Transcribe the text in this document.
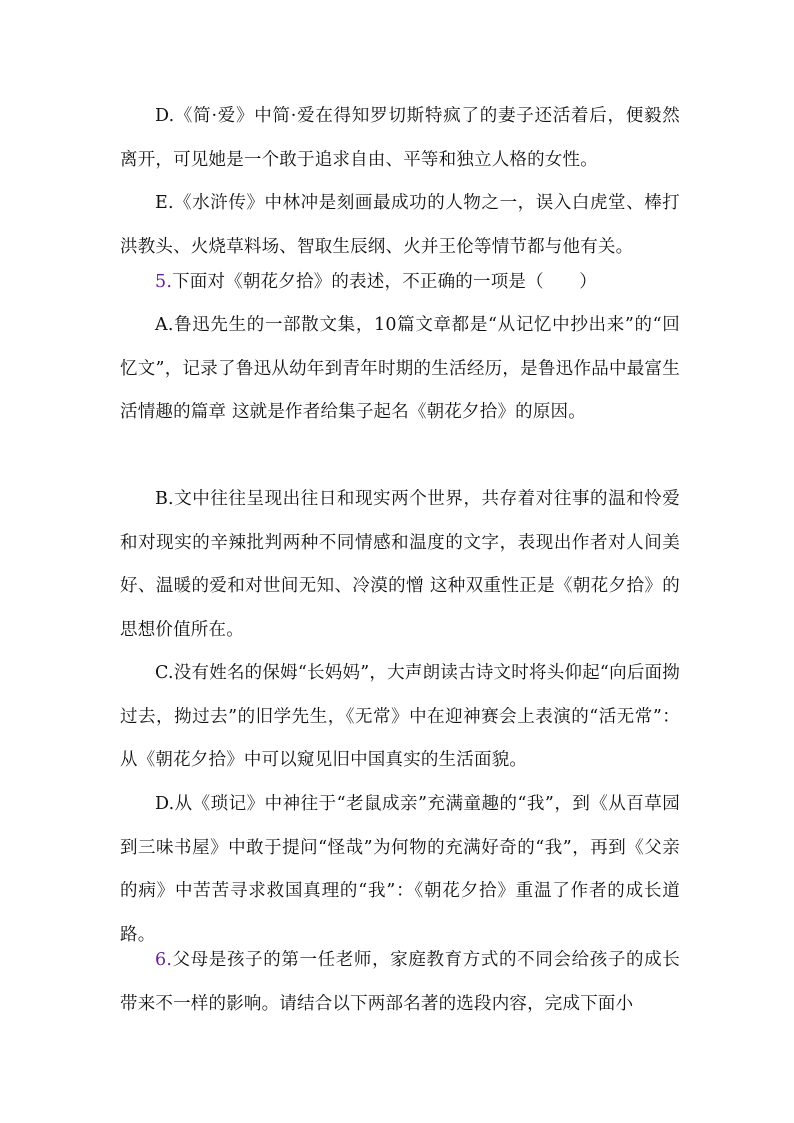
D.《简·爱》中简·爱在得知罗切斯特疯了的妻子还活着后，便毅然离开，可见她是一个敢于追求自由、平等和独立人格的女性。
E.《水浒传》中林冲是刻画最成功的人物之一，误入白虎堂、棒打洪教头、火烧草料场、智取生辰纲、火并王伦等情节都与他有关。
5.下面对《朝花夕拾》的表述，不正确的一项是（　　）
A.鲁迅先生的一部散文集，10篇文章都是“从记忆中抄出来”的“回忆文”，记录了鲁迅从幼年到青年时期的生活经历，是鲁迅作品中最富生活情趣的篇章 这就是作者给集子起名《朝花夕拾》的原因。
B.文中往往呈现出往日和现实两个世界，共存着对往事的温和怜爱和对现实的辛辣批判两种不同情感和温度的文字，表现出作者对人间美好、温暖的爱和对世间无知、冷漠的憎 这种双重性正是《朝花夕拾》的思想价值所在。
C.没有姓名的保姆“长妈妈”，大声朗读古诗文时将头仰起“向后面拗过去，拗过去”的旧学先生，《无常》中在迎神赛会上表演的“活无常”：从《朝花夕拾》中可以窥见旧中国真实的生活面貌。
D.从《琐记》中神往于“老鼠成亲”充满童趣的“我”，到《从百草园到三味书屋》中敢于提问“怪哉”为何物的充满好奇的“我”，再到《父亲的病》中苦苦寻求救国真理的“我”：《朝花夕拾》重温了作者的成长道路。
6.父母是孩子的第一任老师，家庭教育方式的不同会给孩子的成长带来不一样的影响。请结合以下两部名著的选段内容，完成下面小
